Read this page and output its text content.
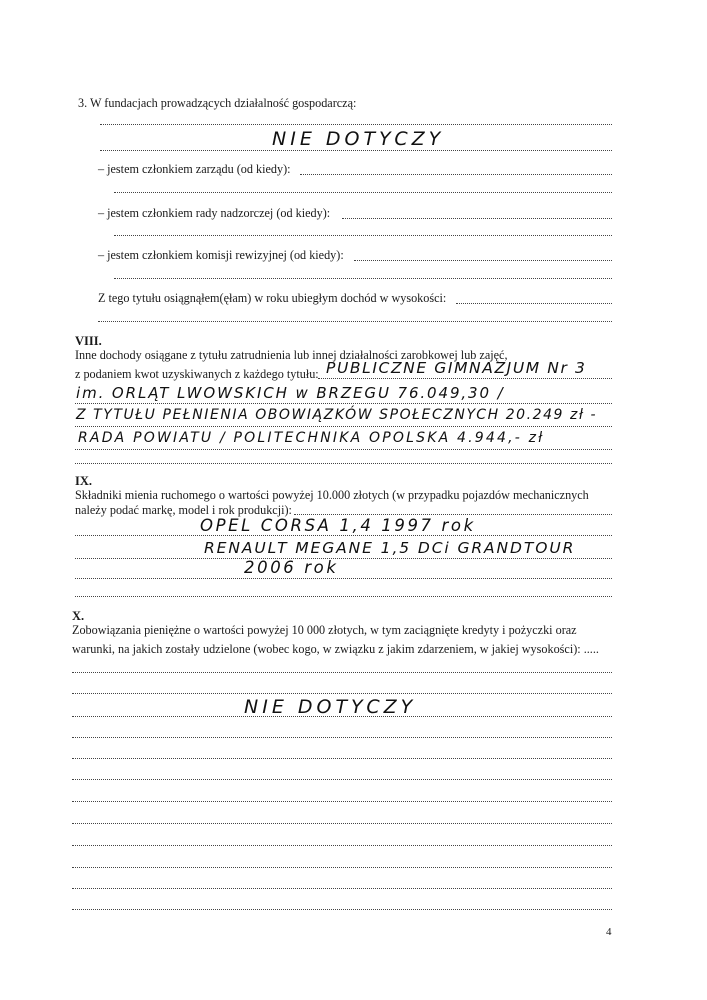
3. W fundacjach prowadzących działalność gospodarczą:
NIE DOTYCZY
– jestem członkiem zarządu (od kiedy):
– jestem członkiem rady nadzorczej (od kiedy):
– jestem członkiem komisji rewizyjnej (od kiedy):
Z tego tytułu osiągnąłem(ęłam) w roku ubiegłym dochód w wysokości:
VIII.
Inne dochody osiągane z tytułu zatrudnienia lub innej działalności zarobkowej lub zajęć,
z podaniem kwot uzyskiwanych z każdego tytułu: PUBLICZNE GIMNAZJUM Nr 3
im. ORLĄT LWOWSKICH w BRZEGU 76.049,30 /
Z TYTUŁU PEŁNIENIA OBOWIĄZKÓW SPOŁECZNYCH 20.249 zł -
RADA POWIATU / POLITECHNIKA OPOLSKA 4.944,- zł
IX.
Składniki mienia ruchomego o wartości powyżej 10.000 złotych (w przypadku pojazdów mechanicznych
należy podać markę, model i rok produkcji):
OPEL CORSA 1,4 1997 rok
RENAULT MEGANE 1,5 DCi GRANDTOUR
2006 rok
X.
Zobowiązania pieniężne o wartości powyżej 10 000 złotych, w tym zaciągnięte kredyty i pożyczki oraz
warunki, na jakich zostały udzielone (wobec kogo, w związku z jakim zdarzeniem, w jakiej wysokości): .....
NIE DOTYCZY
4
